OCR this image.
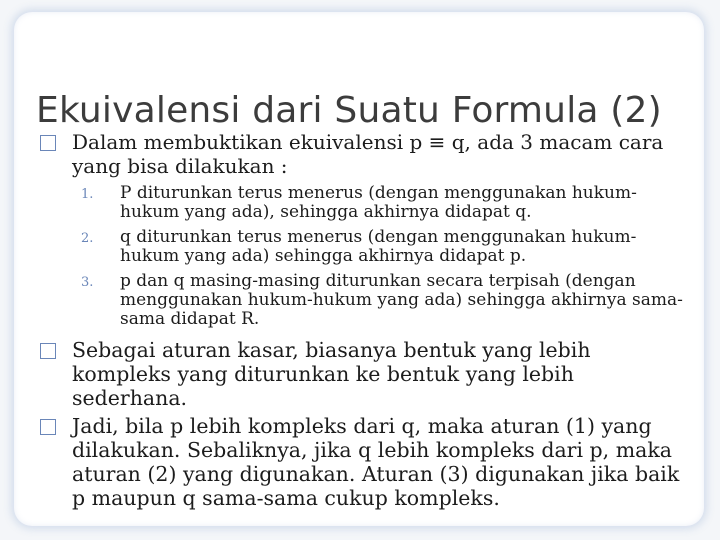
Ekuivalensi dari Suatu Formula (2)
Dalam membuktikan ekuivalensi p ≡ q, ada 3 macam cara yang bisa dilakukan :
1. P diturunkan terus menerus (dengan menggunakan hukum-hukum yang ada), sehingga akhirnya didapat q.
2. q diturunkan terus menerus (dengan menggunakan hukum-hukum yang ada) sehingga akhirnya didapat p.
3. p dan q masing-masing diturunkan secara terpisah (dengan menggunakan hukum-hukum yang ada) sehingga akhirnya sama-sama didapat R.
Sebagai aturan kasar, biasanya bentuk yang lebih kompleks yang diturunkan ke bentuk yang lebih sederhana.
Jadi, bila p lebih kompleks dari q, maka aturan (1) yang dilakukan. Sebaliknya, jika q lebih kompleks dari p, maka aturan (2) yang digunakan. Aturan (3) digunakan jika baik p maupun q sama-sama cukup kompleks.
